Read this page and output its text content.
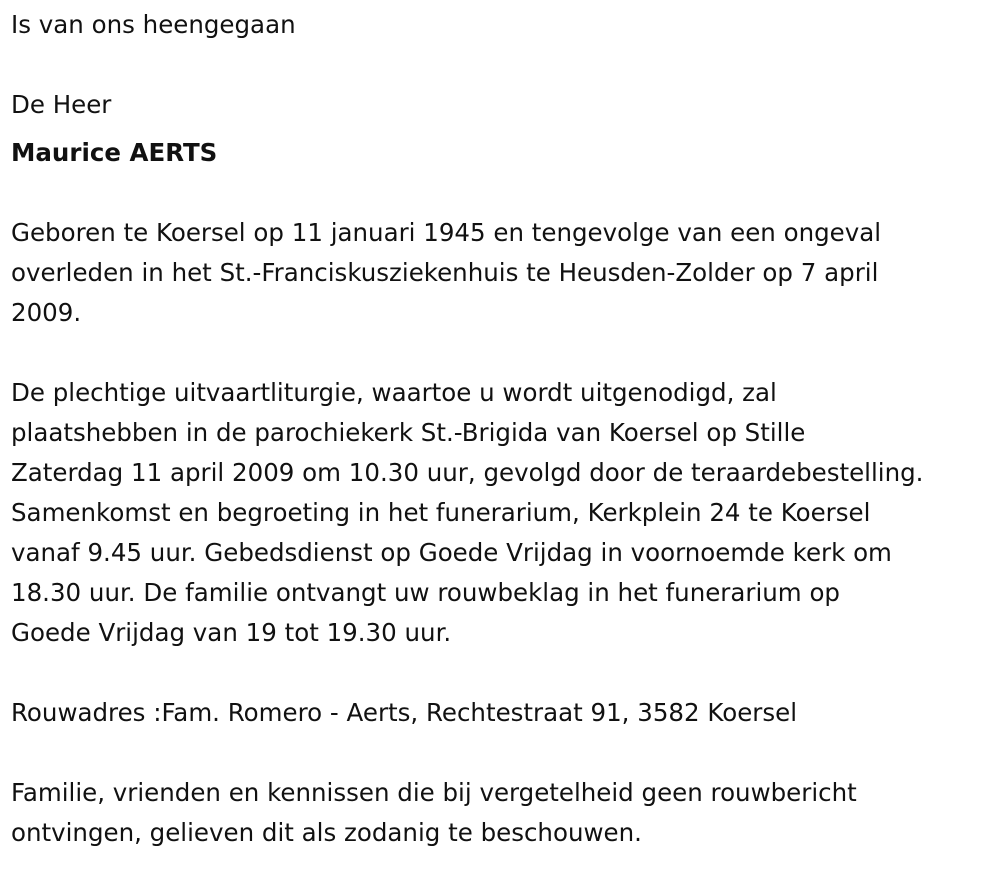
Is van ons heengegaan
De Heer
Maurice AERTS
Geboren te Koersel op 11 januari 1945 en tengevolge van een ongeval
overleden in het St.-Franciskusziekenhuis te Heusden-Zolder op 7 april
2009.
De plechtige uitvaartliturgie, waartoe u wordt uitgenodigd, zal
plaatshebben in de parochiekerk St.-Brigida van Koersel op Stille
Zaterdag 11 april 2009 om 10.30 uur, gevolgd door de teraardebestelling.
Samenkomst en begroeting in het funerarium, Kerkplein 24 te Koersel
vanaf 9.45 uur. Gebedsdienst op Goede Vrijdag in voornoemde kerk om
18.30 uur. De familie ontvangt uw rouwbeklag in het funerarium op
Goede Vrijdag van 19 tot 19.30 uur.
Rouwadres :Fam. Romero - Aerts, Rechtestraat 91, 3582 Koersel
Familie, vrienden en kennissen die bij vergetelheid geen rouwbericht
ontvingen, gelieven dit als zodanig te beschouwen.
